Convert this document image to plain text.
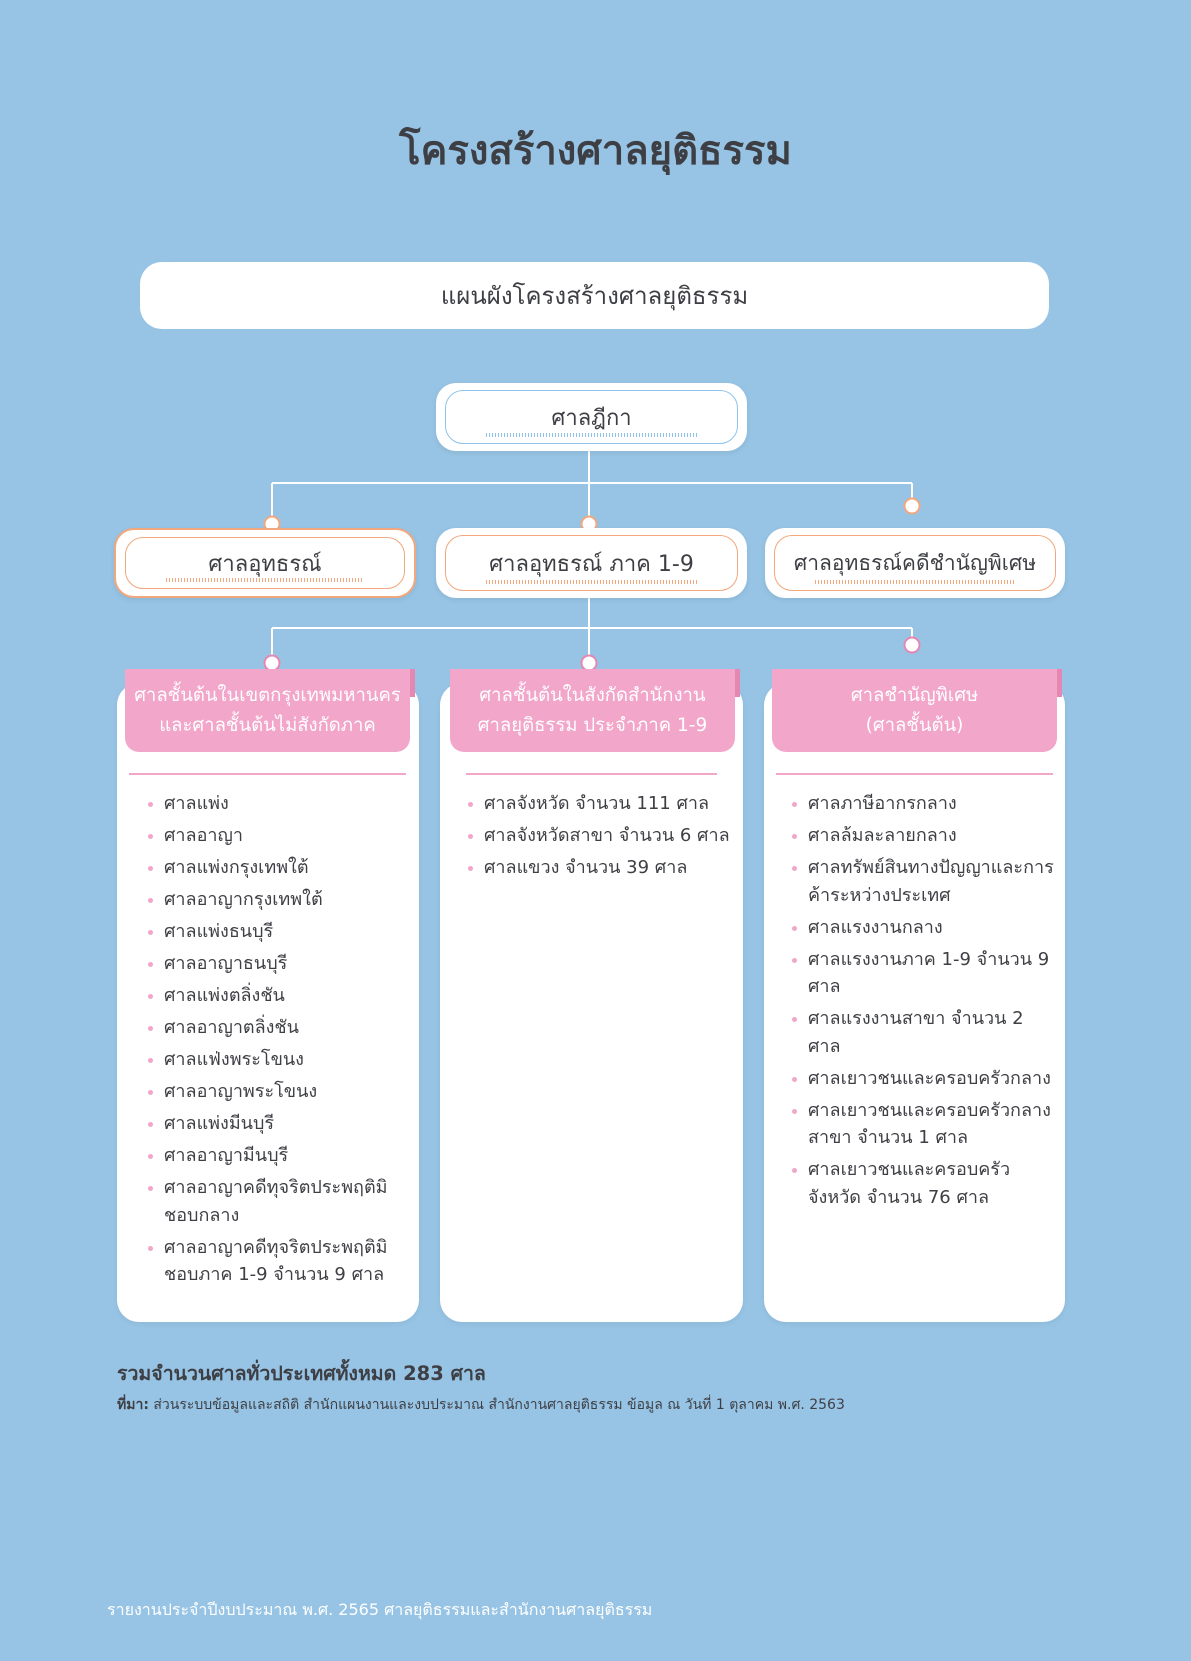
โครงสร้างศาลยุติธรรม
แผนผังโครงสร้างศาลยุติธรรม
ศาลฎีกา
ศาลอุทธรณ์	ศาลอุทธรณ์ ภาค 1-9	ศาลอุทธรณ์คดีชำนัญพิเศษ
ศาลชั้นต้นในเขตกรุงเทพมหานคร
และศาลชั้นต้นไม่สังกัดภาค
ศาลแพ่ง
ศาลอาญา
ศาลแพ่งกรุงเทพใต้
ศาลอาญากรุงเทพใต้
ศาลแพ่งธนบุรี
ศาลอาญาธนบุรี
ศาลแพ่งตลิ่งชัน
ศาลอาญาตลิ่งชัน
ศาลแฟ่งพระโขนง
ศาลอาญาพระโขนง
ศาลแพ่งมีนบุรี
ศาลอาญามีนบุรี
ศาลอาญาคดีทุจริตประพฤติมิชอบกลาง
ศาลอาญาคดีทุจริตประพฤติมิชอบภาค 1-9 จำนวน 9 ศาล
ศาลชั้นต้นในสังกัดสำนักงาน
ศาลยุติธรรม ประจำภาค 1-9
ศาลจังหวัด จำนวน 111 ศาล
ศาลจังหวัดสาขา จำนวน 6 ศาล
ศาลแขวง จำนวน 39 ศาล
ศาลชำนัญพิเศษ
(ศาลชั้นต้น)
ศาลภาษีอากรกลาง
ศาลล้มละลายกลาง
ศาลทรัพย์สินทางปัญญาและการค้าระหว่างประเทศ
ศาลแรงงานกลาง
ศาลแรงงานภาค 1-9 จำนวน 9 ศาล
ศาลแรงงานสาขา จำนวน 2 ศาล
ศาลเยาวชนและครอบครัวกลาง
ศาลเยาวชนและครอบครัวกลางสาขา จำนวน 1 ศาล
ศาลเยาวชนและครอบครัวจังหวัด จำนวน 76 ศาล
รวมจำนวนศาลทั่วประเทศทั้งหมด 283 ศาล
ที่มา: ส่วนระบบข้อมูลและสถิติ สำนักแผนงานและงบประมาณ สำนักงานศาลยุติธรรม ข้อมูล ณ วันที่ 1 ตุลาคม พ.ศ. 2563
รายงานประจำปีงบประมาณ พ.ศ. 2565 ศาลยุติธรรมและสำนักงานศาลยุติธรรม
